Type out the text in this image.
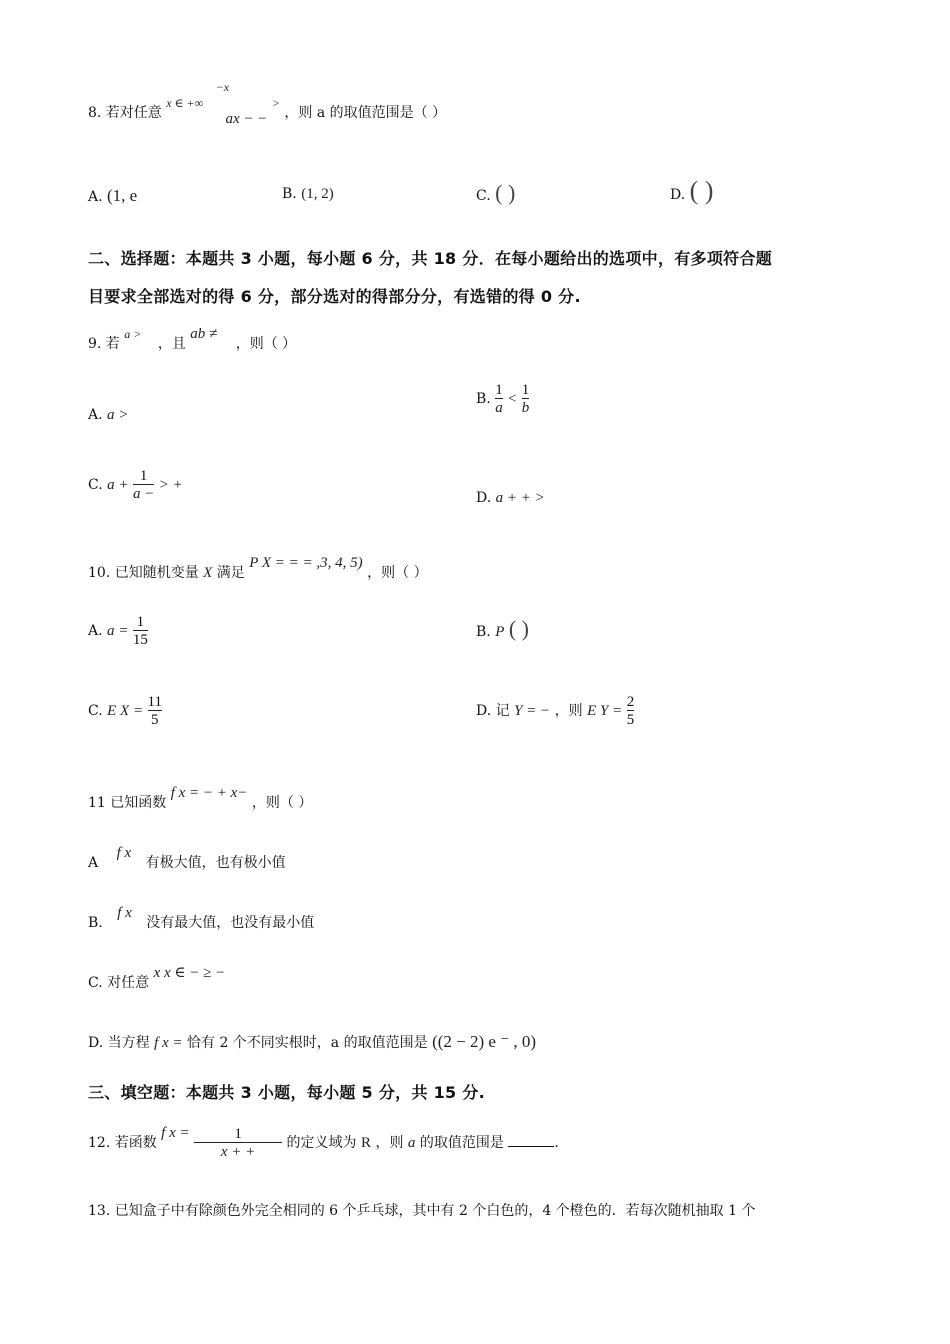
8. 若对任意 x ∈ +∞ −x ax − − > ，则 a 的取值范围是（ ）
A. (1, e	B. (1, 2)	C. ( )	D. ( )
二、选择题：本题共 3 小题，每小题 6 分，共 18 分．在每小题给出的选项中，有多项符合题
目要求全部选对的得 6 分，部分选对的得部分分，有选错的得 0 分.
9. 若 a > ，且 ab ≠ ，则（ ）
A. a >
B. $\frac{1}{a} < \frac{1}{b}$
C. $a + \frac{1}{a -}$ > +
D. a + + >
10. 已知随机变量 X 满足 P X = = = ,3, 4, 5) ，则（ ）
A. $a = \frac{1}{15}$	B. P ( )
C. E $X = \frac{11}{5}$	D. 记 Y = − ，则 E $Y = \frac{2}{5}$
11 已知函数 f x = − + x− ，则（ ）
A f x 有极大值，也有极小值
B. f x 没有最大值，也没有最小值
C. 对任意 x x ∈ − ≥ −
D. 当方程 f x = 恰有 2 个不同实根时，a 的取值范围是 ((2 − 2) e ⁻ , 0)
三、填空题：本题共 3 小题，每小题 5 分，共 15 分.
12. 若函数 f $x = \frac{1}{x + +}$ 的定义域为 R ，则 a 的取值范围是	.
13. 已知盒子中有除颜色外完全相同的 6 个乒乓球，其中有 2 个白色的，4 个橙色的．若每次随机抽取 1 个
